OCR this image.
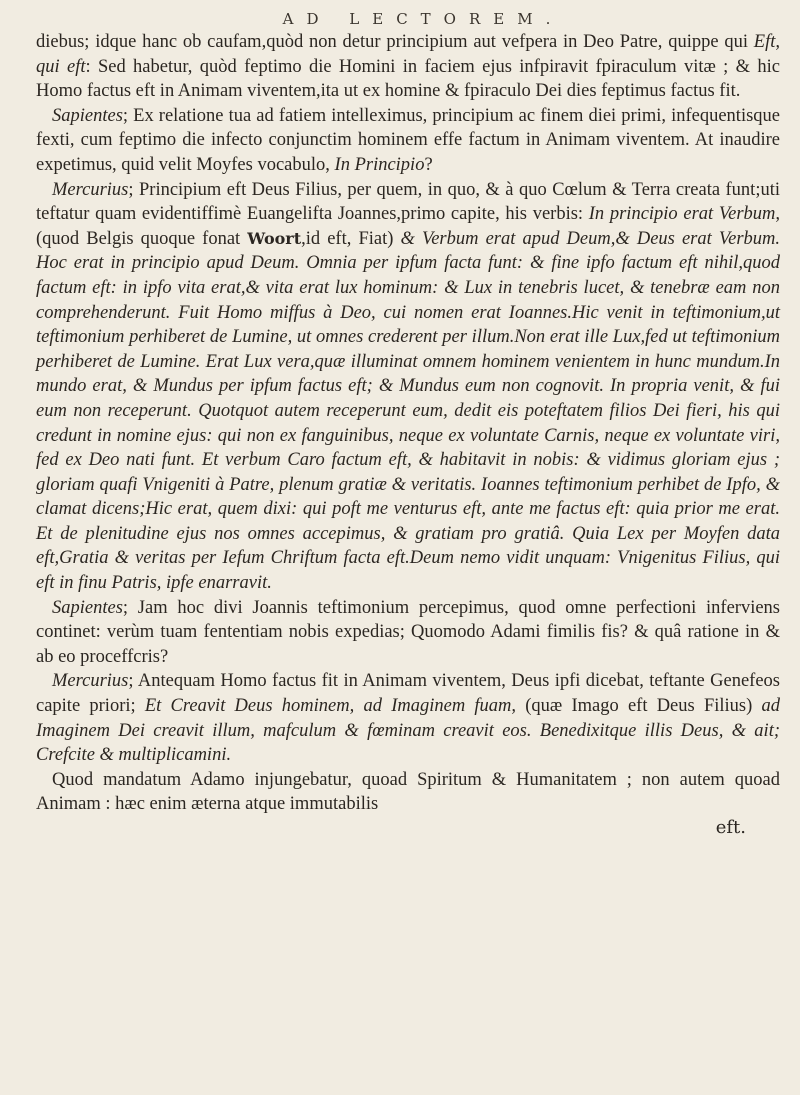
AD LECTOREM.

diebus; idque hanc ob caufam,quòd non detur principium aut vefpera in Deo Patre, quippe qui Eft, qui eft: Sed habetur, quòd feptimo die Homini in faciem ejus infpiravit fpiraculum vitæ ; & hic Homo factus eft in Animam viventem,ita ut ex homine & fpiraculo Dei dies feptimus factus fit.

Sapientes; Ex relatione tua ad fatiem intelleximus, principium ac finem diei primi, infequentisque fexti, cum feptimo die infecto conjunctim hominem effe factum in Animam viventem. At inaudire expetimus, quid velit Moyfes vocabulo, In Principio?

Mercurius; Principium eft Deus Filius, per quem, in quo, & à quo Cœlum & Terra creata funt;uti teftatur quam evidentiffimè Euangelifta Joannes,primo capite, his verbis: In principio erat Verbum, (quod Belgis quoque fonat Woort,id eft, Fiat) & Verbum erat apud Deum,& Deus erat Verbum. Hoc erat in principio apud Deum. Omnia per ipfum facta funt: & fine ipfo factum eft nihil,quod factum eft: in ipfo vita erat,& vita erat lux hominum: & Lux in tenebris lucet, & tenebræ eam non comprehenderunt. Fuit Homo miffus à Deo, cui nomen erat Ioannes.Hic venit in teftimonium,ut teftimonium perhiberet de Lumine, ut omnes crederent per illum.Non erat ille Lux,fed ut teftimonium perhiberet de Lumine. Erat Lux vera,quæ illuminat omnem hominem venientem in hunc mundum.In mundo erat, & Mundus per ipfum factus eft; & Mundus eum non cognovit. In propria venit, & fui eum non receperunt. Quotquot autem receperunt eum, dedit eis poteftatem filios Dei fieri, his qui credunt in nomine ejus: qui non ex fanguinibus, neque ex voluntate Carnis, neque ex voluntate viri, fed ex Deo nati funt. Et verbum Caro factum eft, & habitavit in nobis: & vidimus gloriam ejus ; gloriam quafi Vnigeniti à Patre, plenum gratiæ & veritatis. Ioannes teftimonium perhibet de Ipfo, & clamat dicens;Hic erat, quem dixi: qui poft me venturus eft, ante me factus eft: quia prior me erat. Et de plenitudine ejus nos omnes accepimus, & gratiam pro gratiâ. Quia Lex per Moyfen data eft,Gratia & veritas per Iefum Chriftum facta eft.Deum nemo vidit unquam: Vnigenitus Filius, qui eft in finu Patris, ipfe enarravit.

Sapientes; Jam hoc divi Joannis teftimonium percepimus, quod omne perfectioni inferviens continet: verùm tuam fententiam nobis expedias; Quomodo Adami fimilis fis? & quâ ratione in & ab eo proceffcris?

Mercurius; Antequam Homo factus fit in Animam viventem, Deus ipfi dicebat, teftante Genefeos capite priori; Et Creavit Deus hominem, ad Imaginem fuam, (quæ Imago eft Deus Filius) ad Imaginem Dei creavit illum, mafculum & fœminam creavit eos. Benedixitque illis Deus, & ait; Crefcite & multiplicamini.

Quod mandatum Adamo injungebatur, quoad Spiritum & Humanitatem ; non autem quoad Animam : hæc enim æterna atque immutabilis

eft.
